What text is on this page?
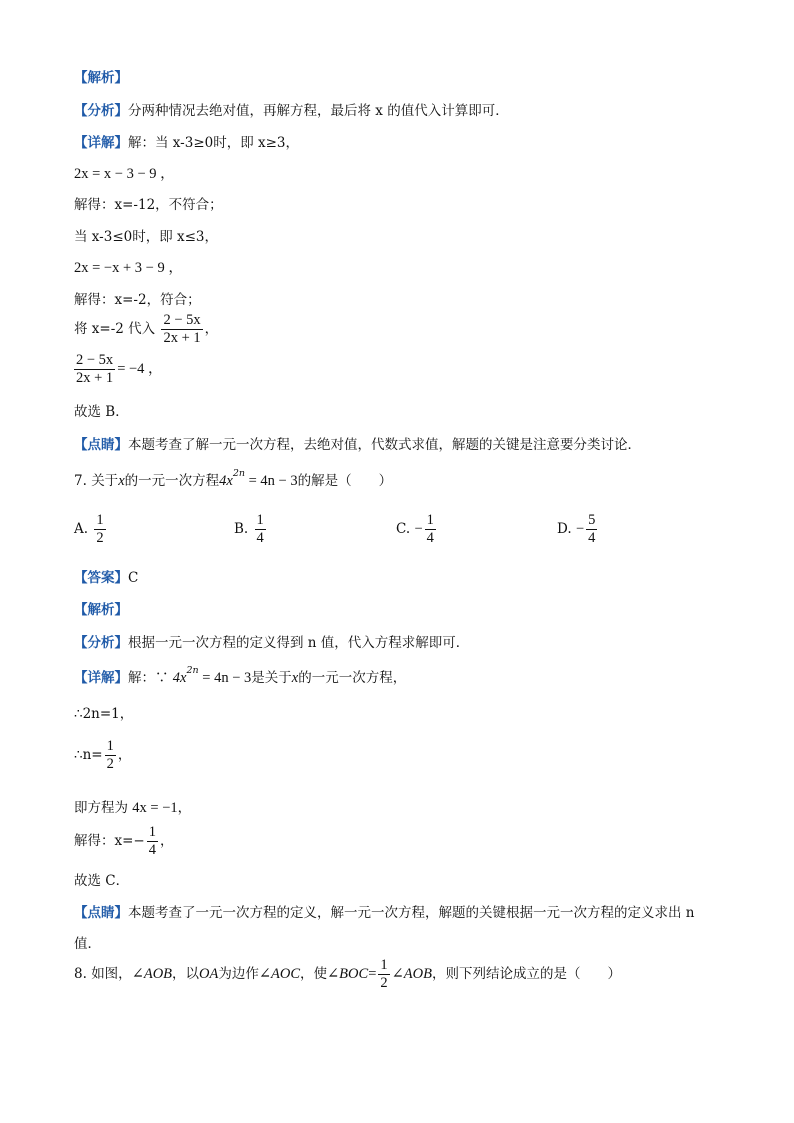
【解析】
【分析】分两种情况去绝对值，再解方程，最后将 x 的值代入计算即可．
【详解】解：当 x-3≥0时，即 x≥3，
2x = x − 3 − 9 ，
解得：x=-12，不符合；
当 x-3≤0时，即 x≤3，
2x = −x + 3 − 9 ，
解得：x=-2，符合；
将 x=-2 代入 $\frac{2 - 5x}{2x + 1}$ ，
$\frac{2 - 5x}{2x + 1} = -4$ ，
故选 B．
【点睛】本题考查了解一元一次方程，去绝对值，代数式求值，解题的关键是注意要分类讨论．
7. 关于x的一元一次方程$4x^{2n} = 4n - 3$的解是（　　）
A. $\frac{1}{2}$	B. $\frac{1}{4}$	C. − $\frac{1}{4}$	D. − $\frac{5}{4}$
【答案】C
【解析】
【分析】根据一元一次方程的定义得到 n 值，代入方程求解即可．
【详解】解：∵ $4x^{2n} = 4n - 3$是关于x的一元一次方程，
∴2n=1，
∴n= $\frac{1}{2}$ ，
即方程为 4x = −1，
解得：$x=- \frac{1}{4}$ ，
故选 C．
【点睛】本题考查了一元一次方程的定义，解一元一次方程，解题的关键根据一元一次方程的定义求出 n
值．
8. 如图，∠AOB，以OA为边作∠AOC，使∠BOC= $\frac{1}{2}$ ∠AOB，则下列结论成立的是（　　）
